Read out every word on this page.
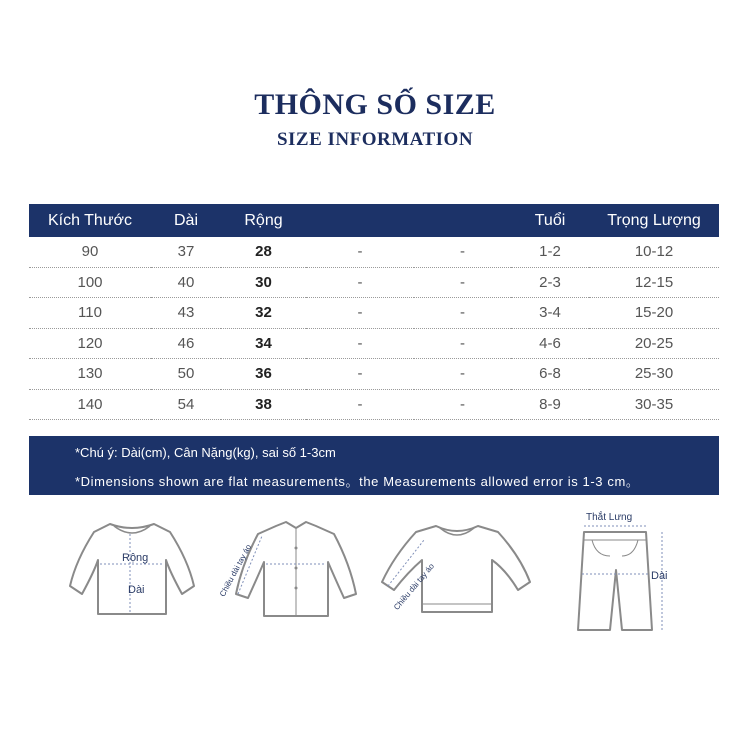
THÔNG SỐ SIZE
SIZE INFORMATION
Kích Thước	Dài	Rộng			Tuổi	Trọng Lượng
90	37	28	-	-	1-2	10-12
100	40	30	-	-	2-3	12-15
110	43	32	-	-	3-4	15-20
120	46	34	-	-	4-6	20-25
130	50	36	-	-	6-8	25-30
140	54	38	-	-	8-9	30-35
*Chú ý: Dài(cm), Cân Nặng(kg), sai số 1-3cm
*Dimensions shown are flat measurements。the Measurements allowed error is 1-3 cm。
Rộng
Dài	Chiều dài tay áo	Chiều dài tay áo
Thắt Lưng
Dài
